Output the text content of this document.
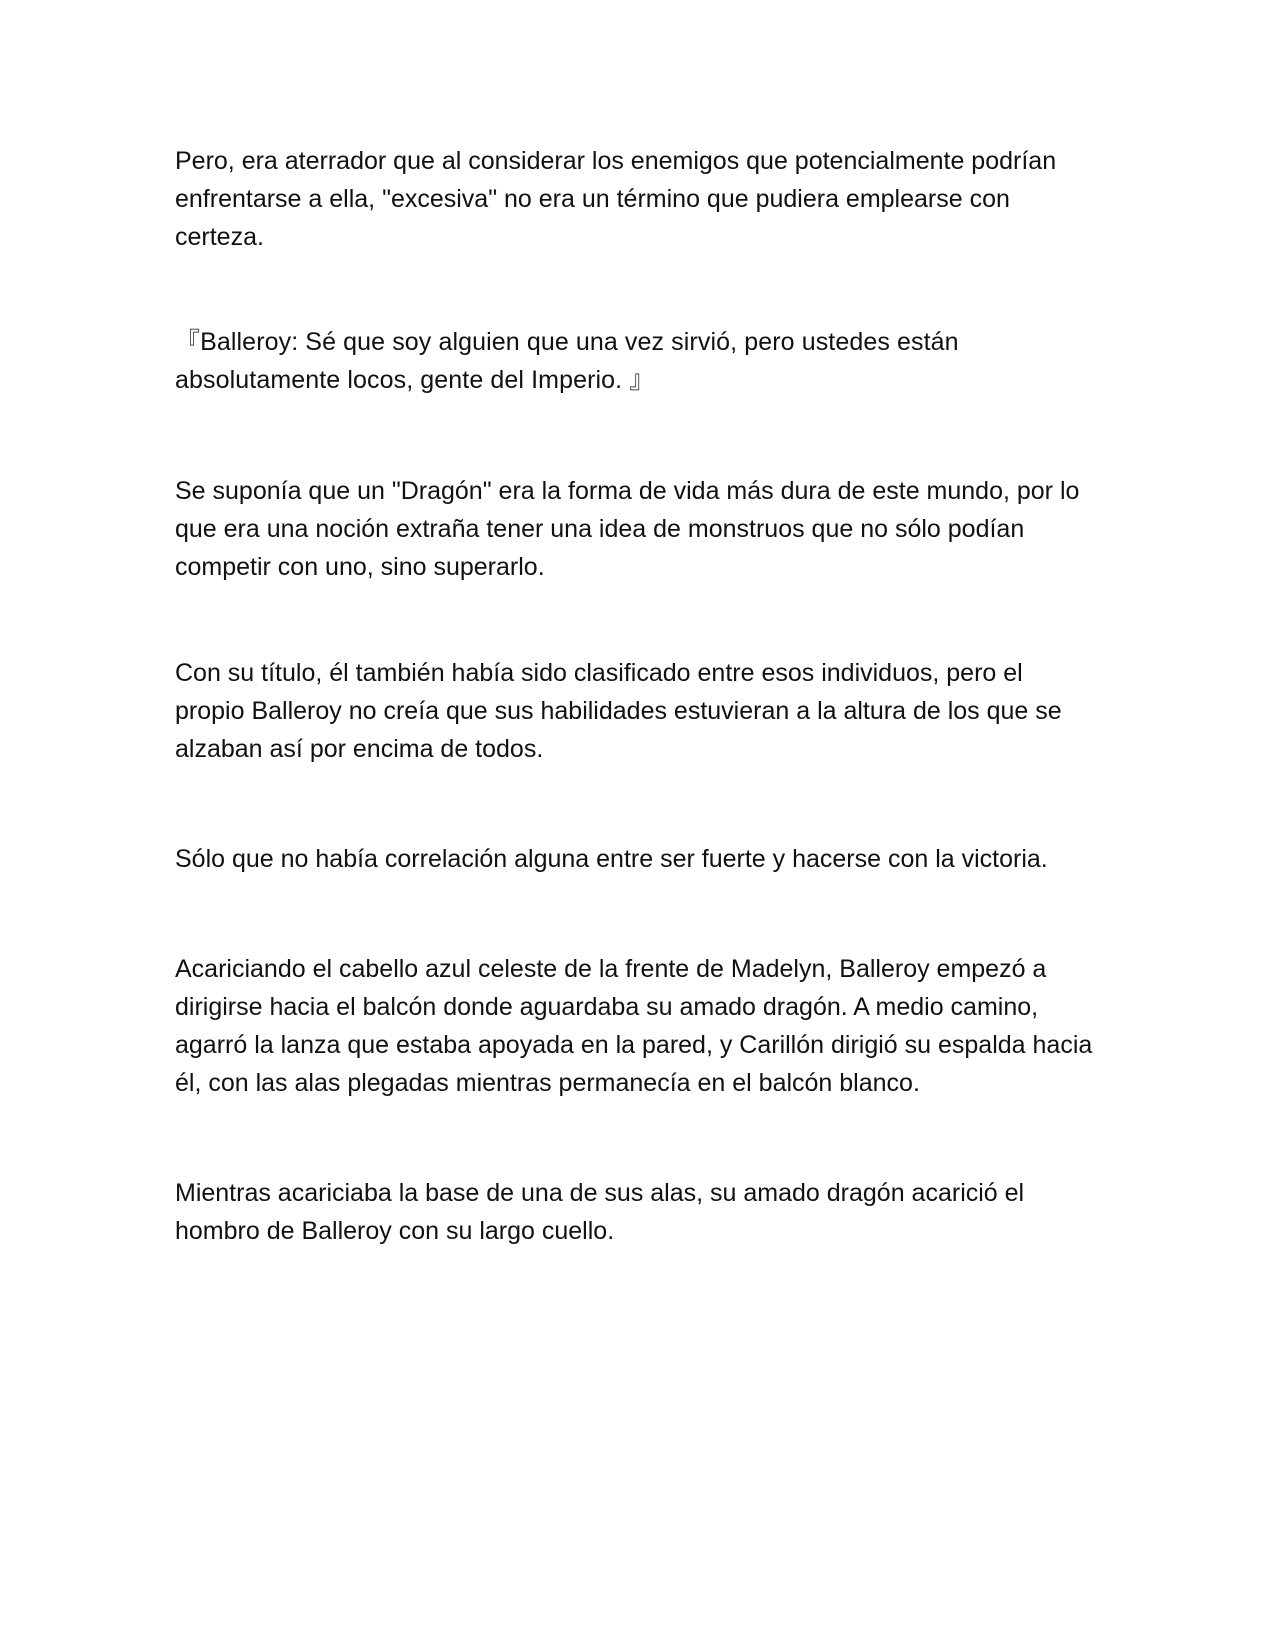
Pero, era aterrador que al considerar los enemigos que potencialmente podrían enfrentarse a ella, "excesiva" no era un término que pudiera emplearse con certeza.

『Balleroy: Sé que soy alguien que una vez sirvió, pero ustedes están absolutamente locos, gente del Imperio. 』

Se suponía que un "Dragón" era la forma de vida más dura de este mundo, por lo que era una noción extraña tener una idea de monstruos que no sólo podían competir con uno, sino superarlo.

Con su título, él también había sido clasificado entre esos individuos, pero el propio Balleroy no creía que sus habilidades estuvieran a la altura de los que se alzaban así por encima de todos.

Sólo que no había correlación alguna entre ser fuerte y hacerse con la victoria.

Acariciando el cabello azul celeste de la frente de Madelyn, Balleroy empezó a dirigirse hacia el balcón donde aguardaba su amado dragón. A medio camino, agarró la lanza que estaba apoyada en la pared, y Carillón dirigió su espalda hacia él, con las alas plegadas mientras permanecía en el balcón blanco.

Mientras acariciaba la base de una de sus alas, su amado dragón acarició el hombro de Balleroy con su largo cuello.
